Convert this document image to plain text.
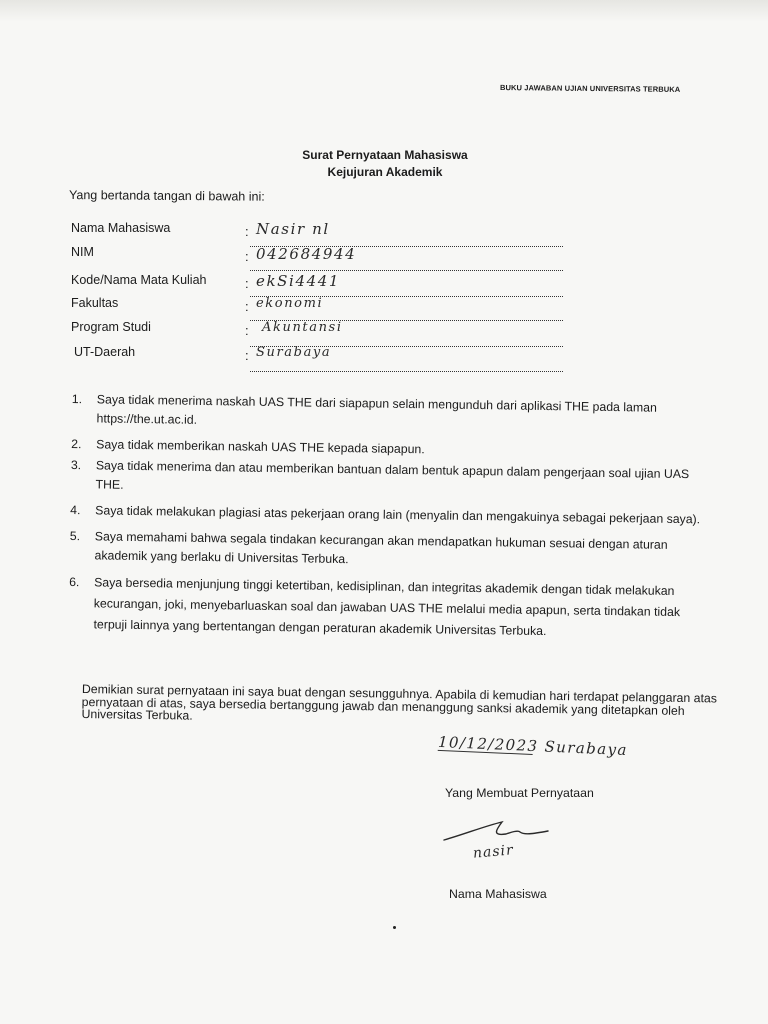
BUKU JAWABAN UJIAN UNIVERSITAS TERBUKA
Surat Pernyataan Mahasiswa
Kejujuran Akademik
Yang bertanda tangan di bawah ini:
Nama Mahasiswa	: Nasir nl
NIM	: 042684944
Kode/Nama Mata Kuliah	: ekSi4441
Fakultas	: ekonomi
Program Studi	: Akuntansi
UT-Daerah	: Surabaya
1. Saya tidak menerima naskah UAS THE dari siapapun selain mengunduh dari aplikasi THE pada laman https://the.ut.ac.id.
2. Saya tidak memberikan naskah UAS THE kepada siapapun.
3. Saya tidak menerima dan atau memberikan bantuan dalam bentuk apapun dalam pengerjaan soal ujian UAS THE.
4. Saya tidak melakukan plagiasi atas pekerjaan orang lain (menyalin dan mengakuinya sebagai pekerjaan saya).
5. Saya memahami bahwa segala tindakan kecurangan akan mendapatkan hukuman sesuai dengan aturan akademik yang berlaku di Universitas Terbuka.
6. Saya bersedia menjunjung tinggi ketertiban, kedisiplinan, dan integritas akademik dengan tidak melakukan kecurangan, joki, menyebarluaskan soal dan jawaban UAS THE melalui media apapun, serta tindakan tidak terpuji lainnya yang bertentangan dengan peraturan akademik Universitas Terbuka.
Demikian surat pernyataan ini saya buat dengan sesungguhnya. Apabila di kemudian hari terdapat pelanggaran atas pernyataan di atas, saya bersedia bertanggung jawab dan menanggung sanksi akademik yang ditetapkan oleh Universitas Terbuka.
10/12/2023 Surabaya
Yang Membuat Pernyataan
nasir
Nama Mahasiswa
